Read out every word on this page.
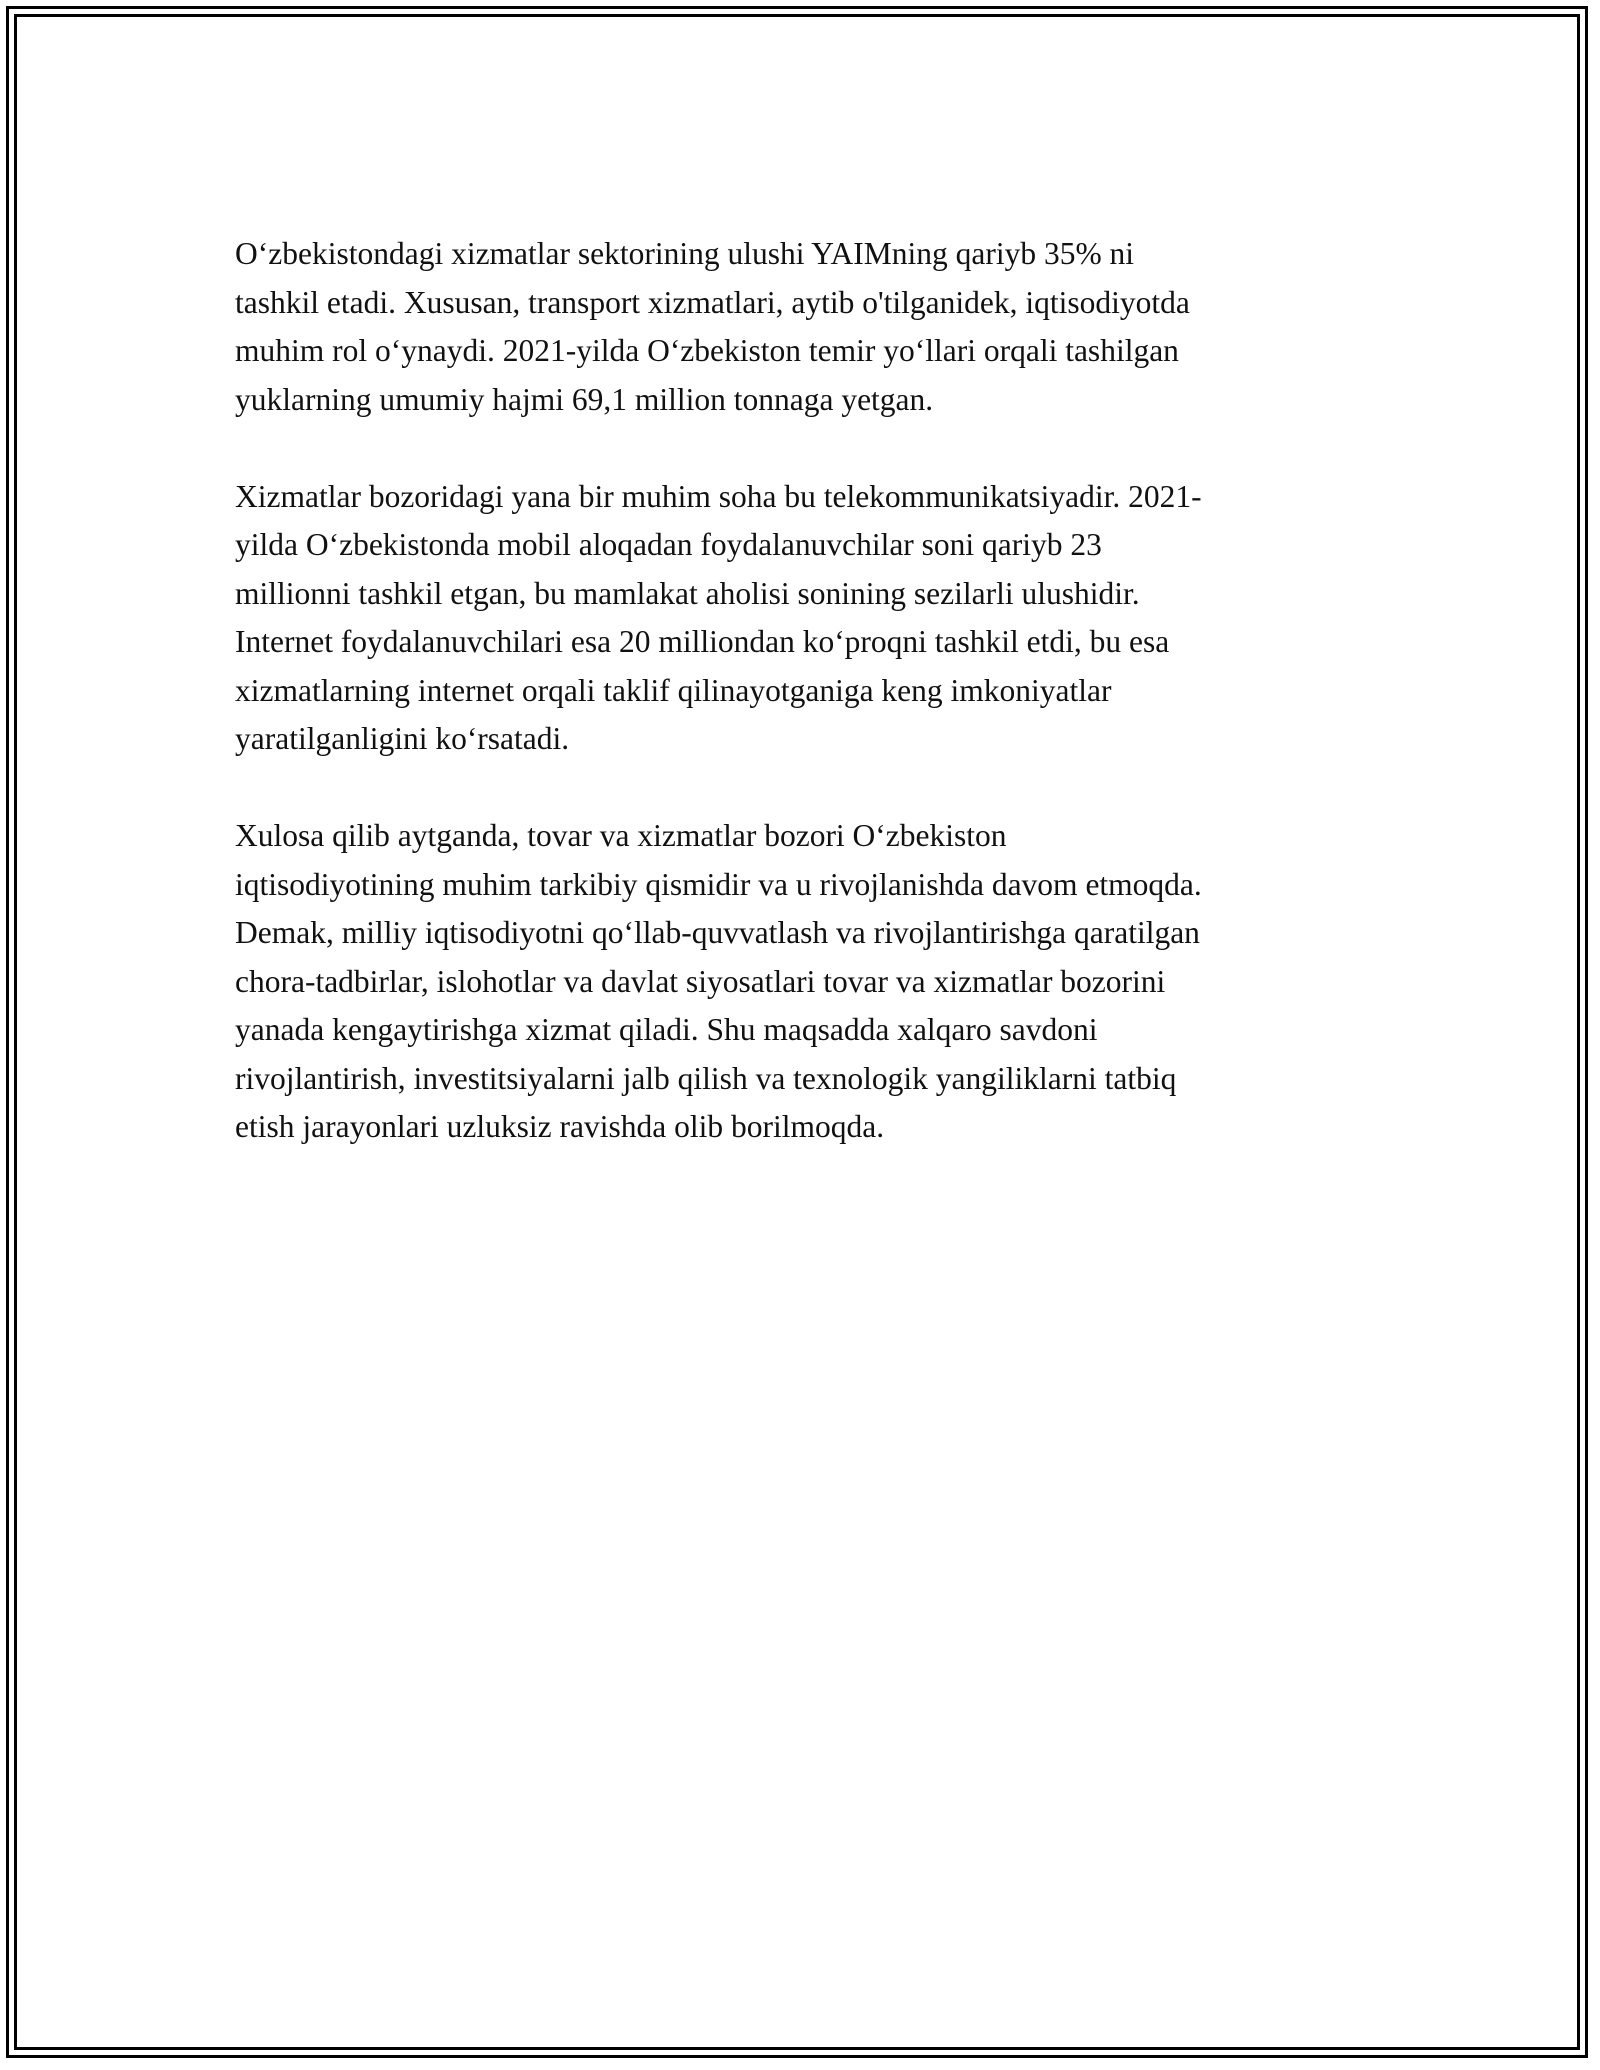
O‘zbekistondagi xizmatlar sektorining ulushi YAIMning qariyb 35% ni
tashkil etadi. Xususan, transport xizmatlari, aytib o'tilganidek, iqtisodiyotda
muhim rol o‘ynaydi. 2021-yilda O‘zbekiston temir yo‘llari orqali tashilgan
yuklarning umumiy hajmi 69,1 million tonnaga yetgan.

Xizmatlar bozoridagi yana bir muhim soha bu telekommunikatsiyadir. 2021-
yilda O‘zbekistonda mobil aloqadan foydalanuvchilar soni qariyb 23
millionni tashkil etgan, bu mamlakat aholisi sonining sezilarli ulushidir.
Internet foydalanuvchilari esa 20 milliondan ko‘proqni tashkil etdi, bu esa
xizmatlarning internet orqali taklif qilinayotganiga keng imkoniyatlar
yaratilganligini ko‘rsatadi.

Xulosa qilib aytganda, tovar va xizmatlar bozori O‘zbekiston
iqtisodiyotining muhim tarkibiy qismidir va u rivojlanishda davom etmoqda.
Demak, milliy iqtisodiyotni qo‘llab-quvvatlash va rivojlantirishga qaratilgan
chora-tadbirlar, islohotlar va davlat siyosatlari tovar va xizmatlar bozorini
yanada kengaytirishga xizmat qiladi. Shu maqsadda xalqaro savdoni
rivojlantirish, investitsiyalarni jalb qilish va texnologik yangiliklarni tatbiq
etish jarayonlari uzluksiz ravishda olib borilmoqda.
